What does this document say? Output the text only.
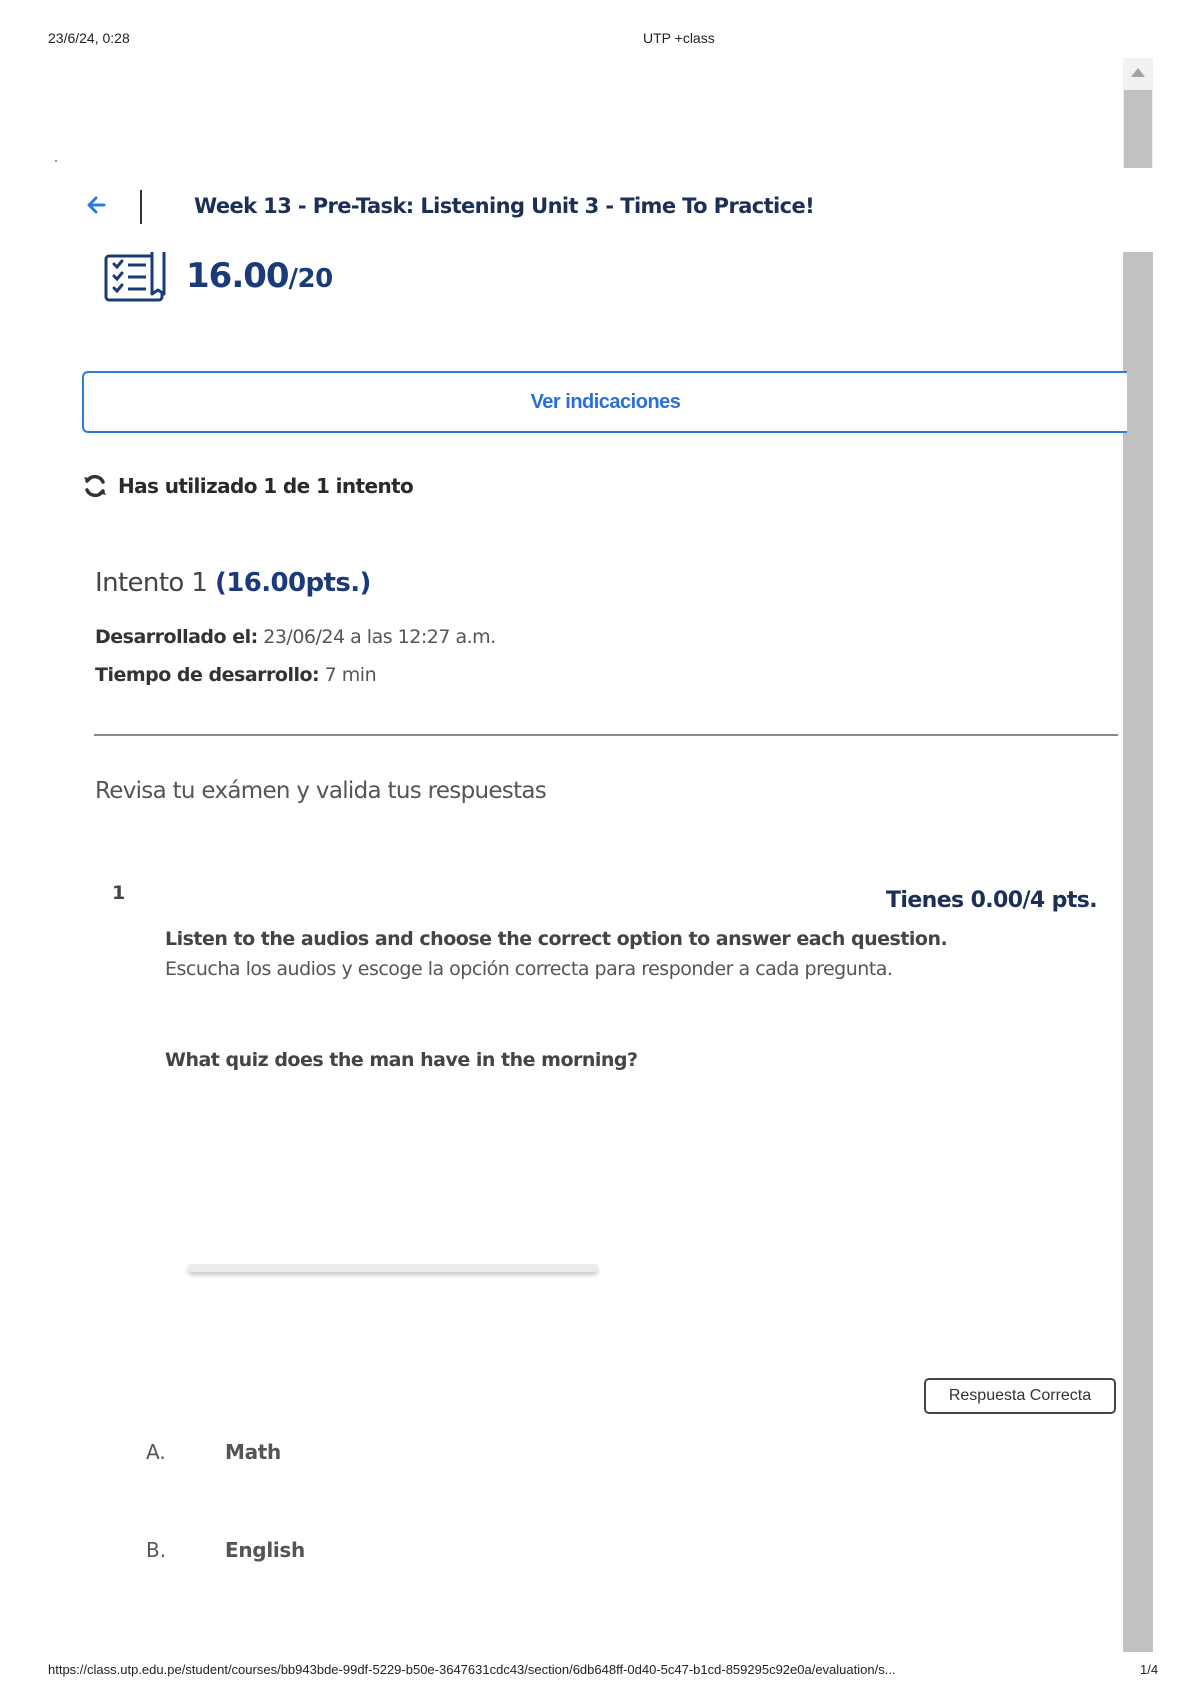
23/6/24, 0:28	UTP +class
Week 13 - Pre-Task: Listening Unit 3 - Time To Practice!
16.00/20
Ver indicaciones
Has utilizado 1 de 1 intento
Intento 1 (16.00pts.)
Desarrollado el: 23/06/24 a las 12:27 a.m.
Tiempo de desarrollo: 7 min
Revisa tu exámen y valida tus respuestas
1	Tienes 0.00/4 pts.
Listen to the audios and choose the correct option to answer each question.
Escucha los audios y escoge la opción correcta para responder a cada pregunta.
What quiz does the man have in the morning?
Respuesta Correcta
A.	Math
B.	English
https://class.utp.edu.pe/student/courses/bb943bde-99df-5229-b50e-3647631cdc43/section/6db648ff-0d40-5c47-b1cd-859295c92e0a/evaluation/s...	1/4
